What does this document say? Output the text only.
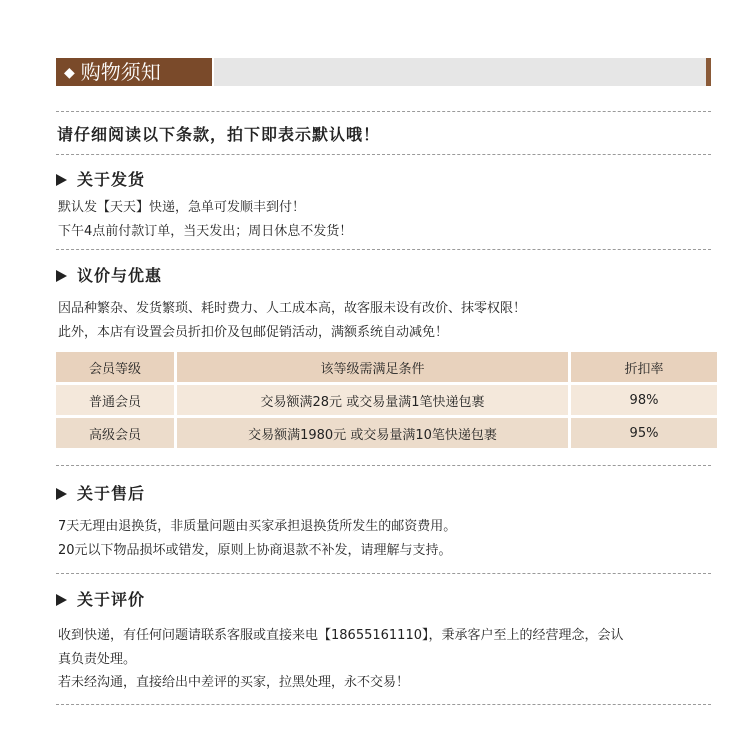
◆ 购物须知
请仔细阅读以下条款，拍下即表示默认哦！
关于发货
默认发【天天】快递，急单可发顺丰到付！
下午4点前付款订单，当天发出；周日休息不发货！
议价与优惠
因品种繁杂、发货繁琐、耗时费力、人工成本高，故客服未设有改价、抹零权限！
此外，本店有设置会员折扣价及包邮促销活动，满额系统自动减免！
会员等级	该等级需满足条件	折扣率
普通会员	交易额满28元 或交易量满1笔快递包裹	98%
高级会员	交易额满1980元 或交易量满10笔快递包裹	95%
关于售后
7天无理由退换货，非质量问题由买家承担退换货所发生的邮资费用。
20元以下物品损坏或错发，原则上协商退款不补发，请理解与支持。
关于评价
收到快递，有任何问题请联系客服或直接来电【18655161110】，秉承客户至上的经营理念，会认
真负责处理。
若未经沟通，直接给出中差评的买家，拉黑处理，永不交易！
